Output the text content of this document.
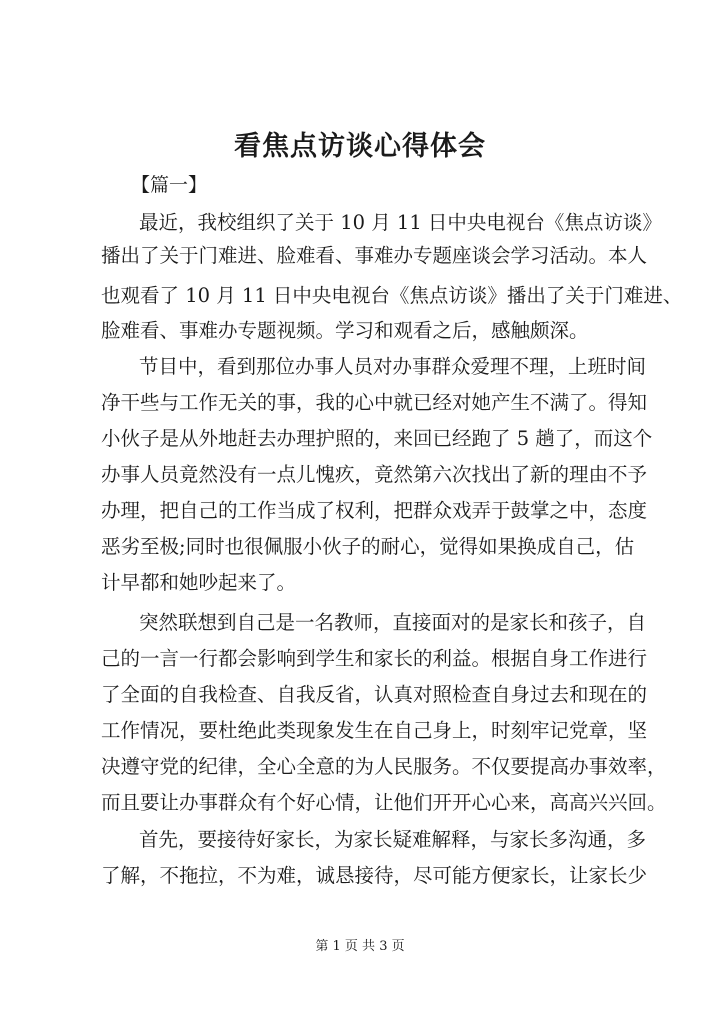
看焦点访谈心得体会
【篇一】
最近，我校组织了关于 10 月 11 日中央电视台《焦点访谈》
播出了关于门难进、脸难看、事难办专题座谈会学习活动。本人
也观看了 10 月 11 日中央电视台《焦点访谈》播出了关于门难进、
脸难看、事难办专题视频。学习和观看之后，感触颇深。
节目中，看到那位办事人员对办事群众爱理不理，上班时间
净干些与工作无关的事，我的心中就已经对她产生不满了。得知
小伙子是从外地赶去办理护照的，来回已经跑了 5 趟了，而这个
办事人员竟然没有一点儿愧疚，竟然第六次找出了新的理由不予
办理，把自己的工作当成了权利，把群众戏弄于鼓掌之中，态度
恶劣至极;同时也很佩服小伙子的耐心，觉得如果换成自己，估
计早都和她吵起来了。
突然联想到自己是一名教师，直接面对的是家长和孩子，自
己的一言一行都会影响到学生和家长的利益。根据自身工作进行
了全面的自我检查、自我反省，认真对照检查自身过去和现在的
工作情况，要杜绝此类现象发生在自己身上，时刻牢记党章，坚
决遵守党的纪律，全心全意的为人民服务。不仅要提高办事效率，
而且要让办事群众有个好心情，让他们开开心心来，高高兴兴回。
首先，要接待好家长，为家长疑难解释，与家长多沟通，多
了解，不拖拉，不为难，诚恳接待，尽可能方便家长，让家长少
第 1 页 共 3 页
